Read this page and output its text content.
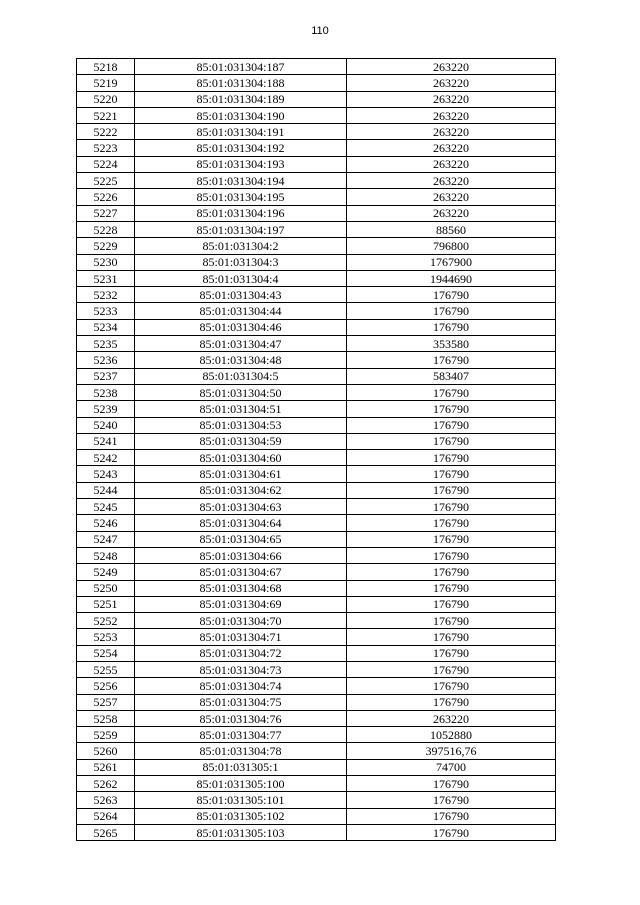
110
5218	85:01:031304:187	263220
5219	85:01:031304:188	263220
5220	85:01:031304:189	263220
5221	85:01:031304:190	263220
5222	85:01:031304:191	263220
5223	85:01:031304:192	263220
5224	85:01:031304:193	263220
5225	85:01:031304:194	263220
5226	85:01:031304:195	263220
5227	85:01:031304:196	263220
5228	85:01:031304:197	88560
5229	85:01:031304:2	796800
5230	85:01:031304:3	1767900
5231	85:01:031304:4	1944690
5232	85:01:031304:43	176790
5233	85:01:031304:44	176790
5234	85:01:031304:46	176790
5235	85:01:031304:47	353580
5236	85:01:031304:48	176790
5237	85:01:031304:5	583407
5238	85:01:031304:50	176790
5239	85:01:031304:51	176790
5240	85:01:031304:53	176790
5241	85:01:031304:59	176790
5242	85:01:031304:60	176790
5243	85:01:031304:61	176790
5244	85:01:031304:62	176790
5245	85:01:031304:63	176790
5246	85:01:031304:64	176790
5247	85:01:031304:65	176790
5248	85:01:031304:66	176790
5249	85:01:031304:67	176790
5250	85:01:031304:68	176790
5251	85:01:031304:69	176790
5252	85:01:031304:70	176790
5253	85:01:031304:71	176790
5254	85:01:031304:72	176790
5255	85:01:031304:73	176790
5256	85:01:031304:74	176790
5257	85:01:031304:75	176790
5258	85:01:031304:76	263220
5259	85:01:031304:77	1052880
5260	85:01:031304:78	397516,76
5261	85:01:031305:1	74700
5262	85:01:031305:100	176790
5263	85:01:031305:101	176790
5264	85:01:031305:102	176790
5265	85:01:031305:103	176790
